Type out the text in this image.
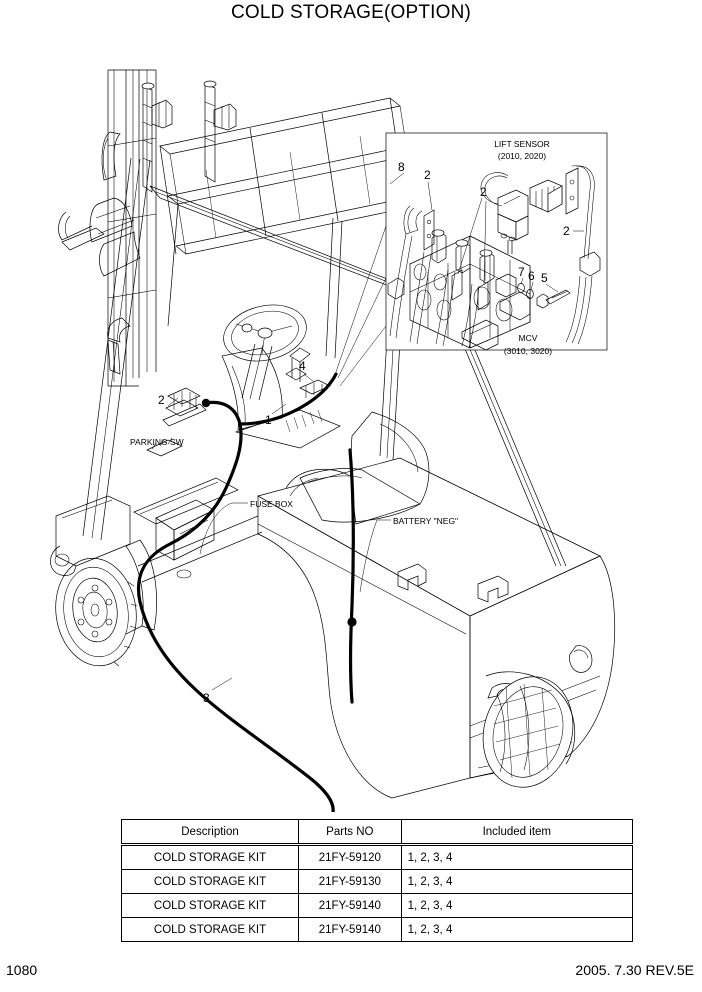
COLD STORAGE(OPTION)
PARKING SW
FUSE BOX
BATTERY "NEG"
1
2
3
4
LIFT SENSOR
(2010, 2020)
MCV
(3010, 3020)
8
2
2
2
7 6 5
Description	Parts NO	Included item
COLD STORAGE KIT	21FY-59120	1, 2, 3, 4
COLD STORAGE KIT	21FY-59130	1, 2, 3, 4
COLD STORAGE KIT	21FY-59140	1, 2, 3, 4
COLD STORAGE KIT	21FY-59140	1, 2, 3, 4
1080	2005. 7.30 REV.5E
